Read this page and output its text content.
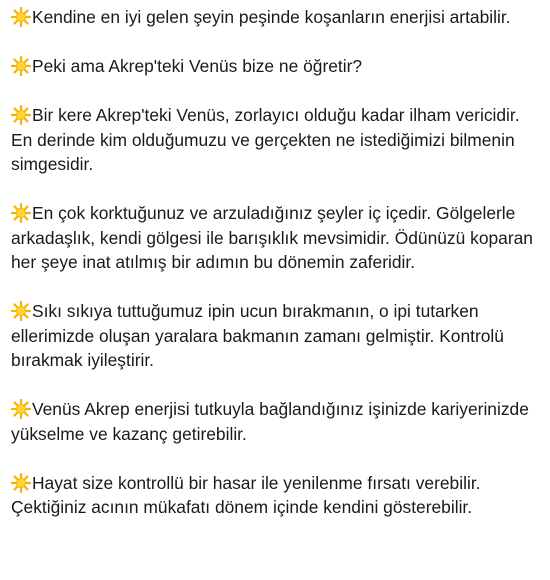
Kendine en iyi gelen şeyin peşinde koşanların enerjisi artabilir.

Peki ama Akrep'teki Venüs bize ne öğretir?

Bir kere Akrep'teki Venüs, zorlayıcı olduğu kadar ilham vericidir. En derinde kim olduğumuzu ve gerçekten ne istediğimizi bilmenin simgesidir.

En çok korktuğunuz ve arzuladığınız şeyler iç içedir. Gölgelerle arkadaşlık, kendi gölgesi ile barışıklık mevsimidir. Ödünüzü koparan her şeye inat atılmış bir adımın bu dönemin zaferidir.

Sıkı sıkıya tuttuğumuz ipin ucun bırakmanın, o ipi tutarken ellerimizde oluşan yaralara bakmanın zamanı gelmiştir. Kontrolü bırakmak iyileştirir.

Venüs Akrep enerjisi tutkuyla bağlandığınız işinizde kariyerinizde yükselme ve kazanç getirebilir.

Hayat size kontrollü bir hasar ile yenilenme fırsatı verebilir. Çektiğiniz acının mükafatı dönem içinde kendini gösterebilir.
